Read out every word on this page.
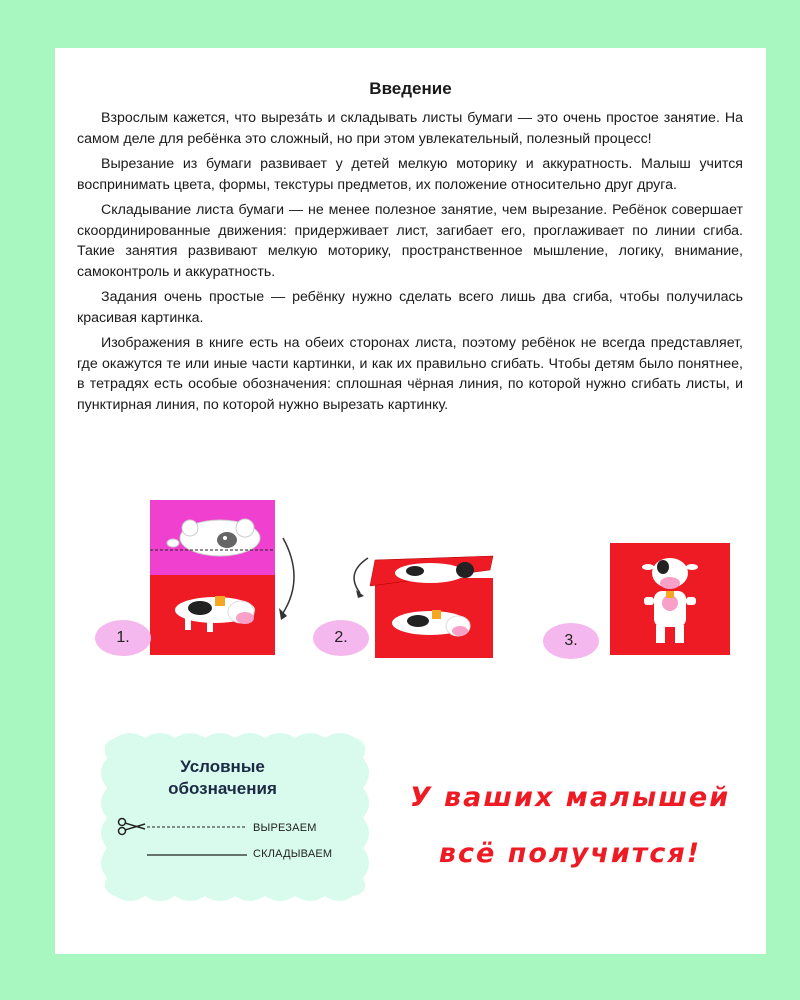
Введение

Взрослым кажется, что вырезáть и складывать листы бумаги — это очень простое занятие. На самом деле для ребёнка это сложный, но при этом увлекательный, полезный процесс!

Вырезание из бумаги развивает у детей мелкую моторику и аккуратность. Малыш учится воспринимать цвета, формы, текстуры предметов, их положение относительно друг друга.

Складывание листа бумаги — не менее полезное занятие, чем вырезание. Ребёнок совершает скоординированные движения: придерживает лист, загибает его, проглаживает по линии сгиба. Такие занятия развивают мелкую моторику, пространственное мышление, логику, внимание, самоконтроль и аккуратность.

Задания очень простые — ребёнку нужно сделать всего лишь два сгиба, чтобы получилась красивая картинка.

Изображения в книге есть на обеих сторонах листа, поэтому ребёнок не всегда представляет, где окажутся те или иные части картинки, и как их правильно сгибать. Чтобы детям было понятнее, в тетрадях есть особые обозначения: сплошная чёрная линия, по которой нужно сгибать листы, и пунктирная линия, по которой нужно вырезать картинку.

1.	2.	3.
Условные
обозначения
ВЫРЕЗАЕМ
СКЛАДЫВАЕМ
У ваших малышей
всё получится!
